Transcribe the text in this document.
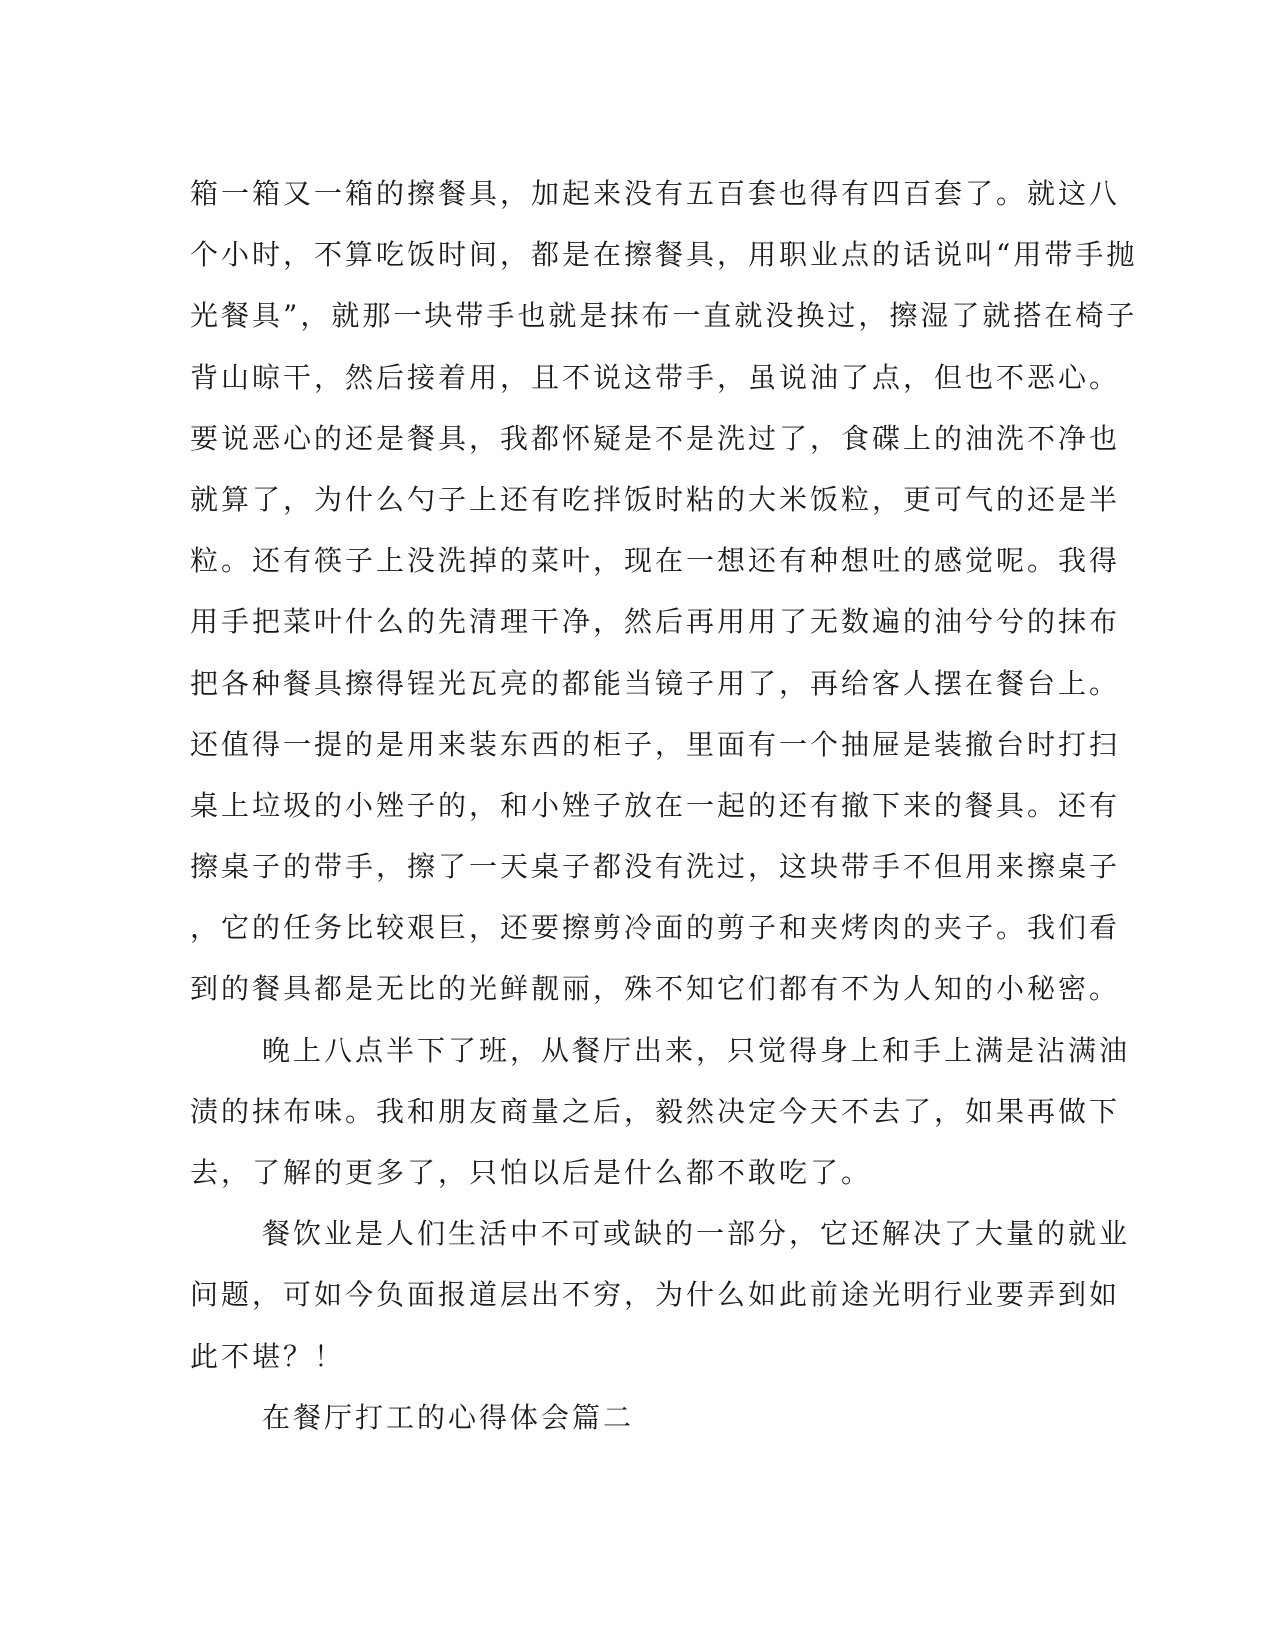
箱一箱又一箱的擦餐具，加起来没有五百套也得有四百套了。就这八
个小时，不算吃饭时间，都是在擦餐具，用职业点的话说叫“用带手抛
光餐具”，就那一块带手也就是抹布一直就没换过，擦湿了就搭在椅子
背山晾干，然后接着用，且不说这带手，虽说油了点，但也不恶心。
要说恶心的还是餐具，我都怀疑是不是洗过了，食碟上的油洗不净也
就算了，为什么勺子上还有吃拌饭时粘的大米饭粒，更可气的还是半
粒。还有筷子上没洗掉的菜叶，现在一想还有种想吐的感觉呢。我得
用手把菜叶什么的先清理干净，然后再用用了无数遍的油兮兮的抹布
把各种餐具擦得锃光瓦亮的都能当镜子用了，再给客人摆在餐台上。
还值得一提的是用来装东西的柜子，里面有一个抽屉是装撤台时打扫
桌上垃圾的小矬子的，和小矬子放在一起的还有撤下来的餐具。还有
擦桌子的带手，擦了一天桌子都没有洗过，这块带手不但用来擦桌子
，它的任务比较艰巨，还要擦剪冷面的剪子和夹烤肉的夹子。我们看
到的餐具都是无比的光鲜靓丽，殊不知它们都有不为人知的小秘密。
晚上八点半下了班，从餐厅出来，只觉得身上和手上满是沾满油
渍的抹布味。我和朋友商量之后，毅然决定今天不去了，如果再做下
去，了解的更多了，只怕以后是什么都不敢吃了。
餐饮业是人们生活中不可或缺的一部分，它还解决了大量的就业
问题，可如今负面报道层出不穷，为什么如此前途光明行业要弄到如
此不堪？！
在餐厅打工的心得体会篇二
